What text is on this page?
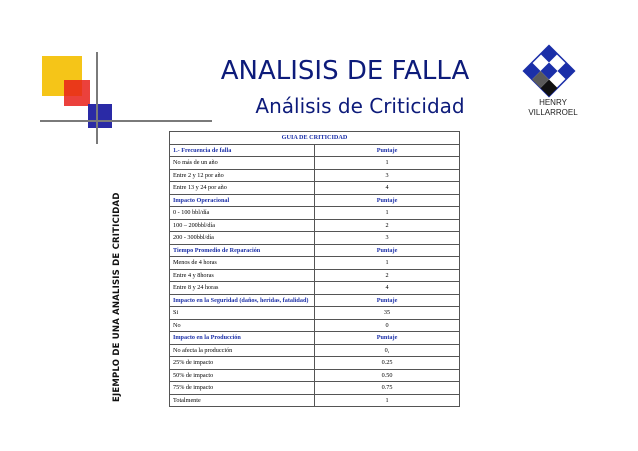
ANALISIS DE FALLA
Análisis de Criticidad	HENRY
VILLARROEL
EJEMPLO DE UNA ANALISIS DE CRITICIDAD
GUIA DE CRITICIDAD	
1.- Frecuencia de falla	Puntaje
No más de un año	1
Entre 2 y 12 por año	3
Entre 13 y 24 por año	4
Impacto Operacional	Puntaje
0 - 100 bbl/día	1
100 – 200bbl/día	2
200 - 300bbl/día	3
Tiempo Promedio de Reparación	Puntaje
Menos de 4 horas	1
Entre 4 y 8horas	2
Entre 8 y 24 horas	4
Impacto en la Seguridad (daños, heridas, fatalidad)	Puntaje
Si	35
No	0
Impacto en la Producción	Puntaje
No afecta la producción	0,
25% de impacto	0.25
50% de impacto	0.50
75% de impacto	0.75
Totalmente	1
